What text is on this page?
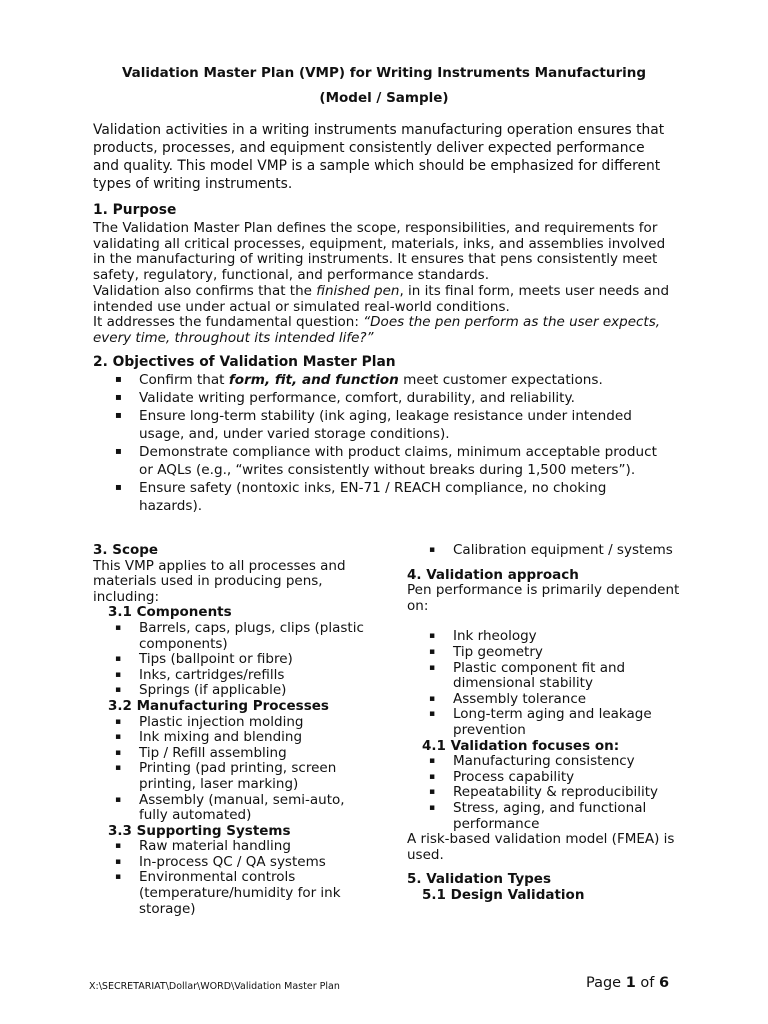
Validation Master Plan (VMP) for Writing Instruments Manufacturing
(Model / Sample)

Validation activities in a writing instruments manufacturing operation ensures that products, processes, and equipment consistently deliver expected performance and quality. This model VMP is a sample which should be emphasized for different types of writing instruments.

1. Purpose

The Validation Master Plan defines the scope, responsibilities, and requirements for validating all critical processes, equipment, materials, inks, and assemblies involved in the manufacturing of writing instruments. It ensures that pens consistently meet safety, regulatory, functional, and performance standards.

Validation also confirms that the finished pen, in its final form, meets user needs and intended use under actual or simulated real-world conditions.

It addresses the fundamental question: “Does the pen perform as the user expects, every time, throughout its intended life?”

2. Objectives of Validation Master Plan
▪ Confirm that form, fit, and function meet customer expectations.
▪ Validate writing performance, comfort, durability, and reliability.
▪ Ensure long-term stability (ink aging, leakage resistance under intended usage, and, under varied storage conditions).
▪ Demonstrate compliance with product claims, minimum acceptable product or AQLs (e.g., “writes consistently without breaks during 1,500 meters”).
▪ Ensure safety (nontoxic inks, EN-71 / REACH compliance, no choking hazards).
3. Scope

This VMP applies to all processes and materials used in producing pens, including:

3.1 Components
▪ Barrels, caps, plugs, clips (plastic components)
▪ Tips (ballpoint or fibre)
▪ Inks, cartridges/refills
▪ Springs (if applicable)
3.2 Manufacturing Processes
▪ Plastic injection molding
▪ Ink mixing and blending
▪ Tip / Refill assembling
▪ Printing (pad printing, screen printing, laser marking)
▪ Assembly (manual, semi-auto, fully automated)
3.3 Supporting Systems
▪ Raw material handling
▪ In-process QC / QA systems
▪ Environmental controls (temperature/humidity for ink storage)
▪ Calibration equipment / systems
4. Validation approach

Pen performance is primarily dependent on:

▪ Ink rheology
▪ Tip geometry
▪ Plastic component fit and dimensional stability
▪ Assembly tolerance
▪ Long-term aging and leakage prevention
4.1 Validation focuses on:
▪ Manufacturing consistency
▪ Process capability
▪ Repeatability & reproducibility
▪ Stress, aging, and functional performance

A risk-based validation model (FMEA) is used.

5. Validation Types
5.1 Design Validation
X:\SECRETARIAT\Dollar\WORD\Validation Master Plan	Page 1 of 6
